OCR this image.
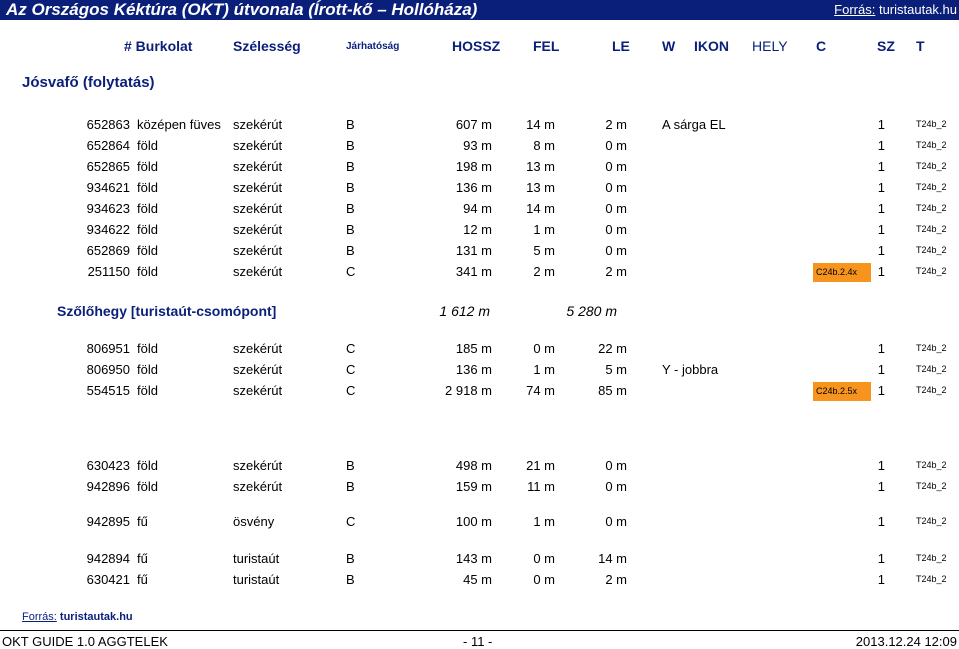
Az Országos Kéktúra (OKT) útvonala (Írott-kő – Hollóháza)	Forrás: turistautak.hu
# Burkolat	Szélesség	Járhatóság	HOSSZ FEL	LE W IKON HELY C	SZ T
Jósvafő (folytatás)
652863 középen füves szekérút	B	607 m	14 m	2 m	A sárga EL	1	T24b_2
652864 föld	szekérút	B	93 m	8 m	0 m	1	T24b_2
652865 föld	szekérút	B	198 m	13 m	0 m	1	T24b_2
934621 föld	szekérút	B	136 m	13 m	0 m	1	T24b_2
934623 föld	szekérút	B	94 m	14 m	0 m	1	T24b_2
934622 föld	szekérút	B	12 m	1 m	0 m	1	T24b_2
652869 föld	szekérút	B	131 m	5 m	0 m	1	T24b_2
251150 föld	szekérút	C	341 m	2 m	2 m	C24b.2.4x	1	T24b_2
Szőlőhegy [turistaút-csomópont]	1 612 m	5 280 m
806951 föld	szekérút	C	185 m	0 m	22 m	1	T24b_2
806950 föld	szekérút	C	136 m	1 m	5 m	Y - jobbra	1	T24b_2
554515 föld	szekérút	C	2 918 m	74 m	85 m	C24b.2.5x	1	T24b_2
630423 föld	szekérút	B	498 m	21 m	0 m	1	T24b_2
942896 föld	szekérút	B	159 m	11 m	0 m	1	T24b_2
942895 fű	ösvény	C	100 m	1 m	0 m	1	T24b_2
942894 fű	turistaút	B	143 m	0 m	14 m	1	T24b_2
630421 fű	turistaút	B	45 m	0 m	2 m	1	T24b_2
Forrás: turistautak.hu
OKT GUIDE 1.0 AGGTELEK	- 11 -	2013.12.24 12:09
